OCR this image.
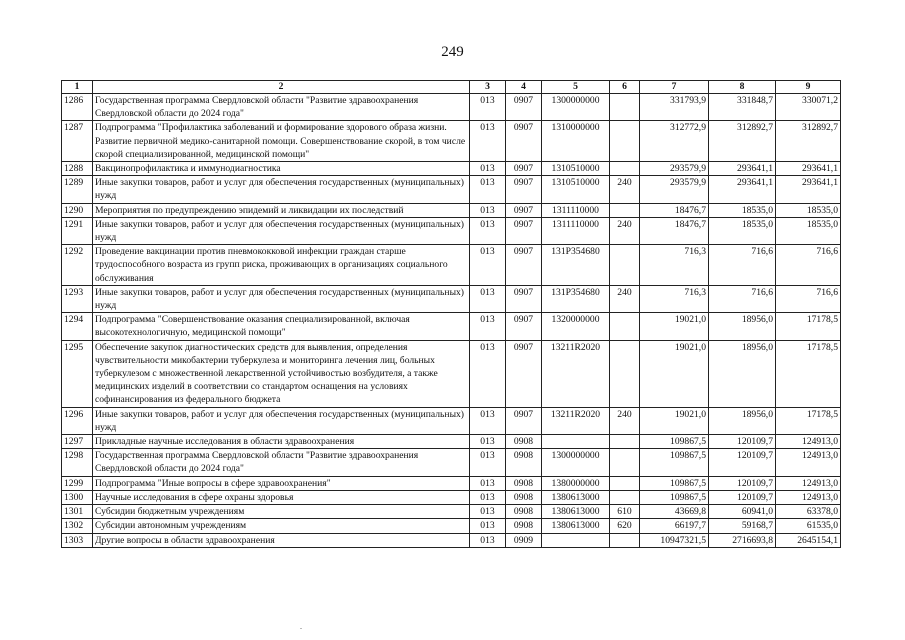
249
1	2	3	4	5	6	7	8	9
1286	Государственная программа Свердловской области "Развитие здравоохранения Свердловской области до 2024 года"	013	0907	1300000000		331793,9	331848,7	330071,2
1287	Подпрограмма "Профилактика заболеваний и формирование здорового образа жизни. Развитие первичной медико-санитарной помощи. Совершенствование скорой, в том числе скорой специализированной, медицинской помощи"	013	0907	1310000000		312772,9	312892,7	312892,7
1288	Вакцинопрофилактика и иммунодиагностика	013	0907	1310510000		293579,9	293641,1	293641,1
1289	Иные закупки товаров, работ и услуг для обеспечения государственных (муниципальных) нужд	013	0907	1310510000	240	293579,9	293641,1	293641,1
1290	Мероприятия по предупреждению эпидемий и ликвидации их последствий	013	0907	1311110000		18476,7	18535,0	18535,0
1291	Иные закупки товаров, работ и услуг для обеспечения государственных (муниципальных) нужд	013	0907	1311110000	240	18476,7	18535,0	18535,0
1292	Проведение вакцинации против пневмококковой инфекции граждан старше трудоспособного возраста из групп риска, проживающих в организациях социального обслуживания	013	0907	131P354680		716,3	716,6	716,6
1293	Иные закупки товаров, работ и услуг для обеспечения государственных (муниципальных) нужд	013	0907	131P354680	240	716,3	716,6	716,6
1294	Подпрограмма "Совершенствование оказания специализированной, включая высокотехнологичную, медицинской помощи"	013	0907	1320000000		19021,0	18956,0	17178,5
1295	Обеспечение закупок диагностических средств для выявления, определения чувствительности микобактерии туберкулеза и мониторинга лечения лиц, больных туберкулезом с множественной лекарственной устойчивостью возбудителя, а также медицинских изделий в соответствии со стандартом оснащения на условиях софинансирования из федерального бюджета	013	0907	13211R2020		19021,0	18956,0	17178,5
1296	Иные закупки товаров, работ и услуг для обеспечения государственных (муниципальных) нужд	013	0907	13211R2020	240	19021,0	18956,0	17178,5
1297	Прикладные научные исследования в области здравоохранения	013	0908			109867,5	120109,7	124913,0
1298	Государственная программа Свердловской области "Развитие здравоохранения Свердловской области до 2024 года"	013	0908	1300000000		109867,5	120109,7	124913,0
1299	Подпрограмма "Иные вопросы в сфере здравоохранения"	013	0908	1380000000		109867,5	120109,7	124913,0
1300	Научные исследования в сфере охраны здоровья	013	0908	1380613000		109867,5	120109,7	124913,0
1301	Субсидии бюджетным учреждениям	013	0908	1380613000	610	43669,8	60941,0	63378,0
1302	Субсидии автономным учреждениям	013	0908	1380613000	620	66197,7	59168,7	61535,0
1303	Другие вопросы в области здравоохранения	013	0909			10947321,5	2716693,8	2645154,1
